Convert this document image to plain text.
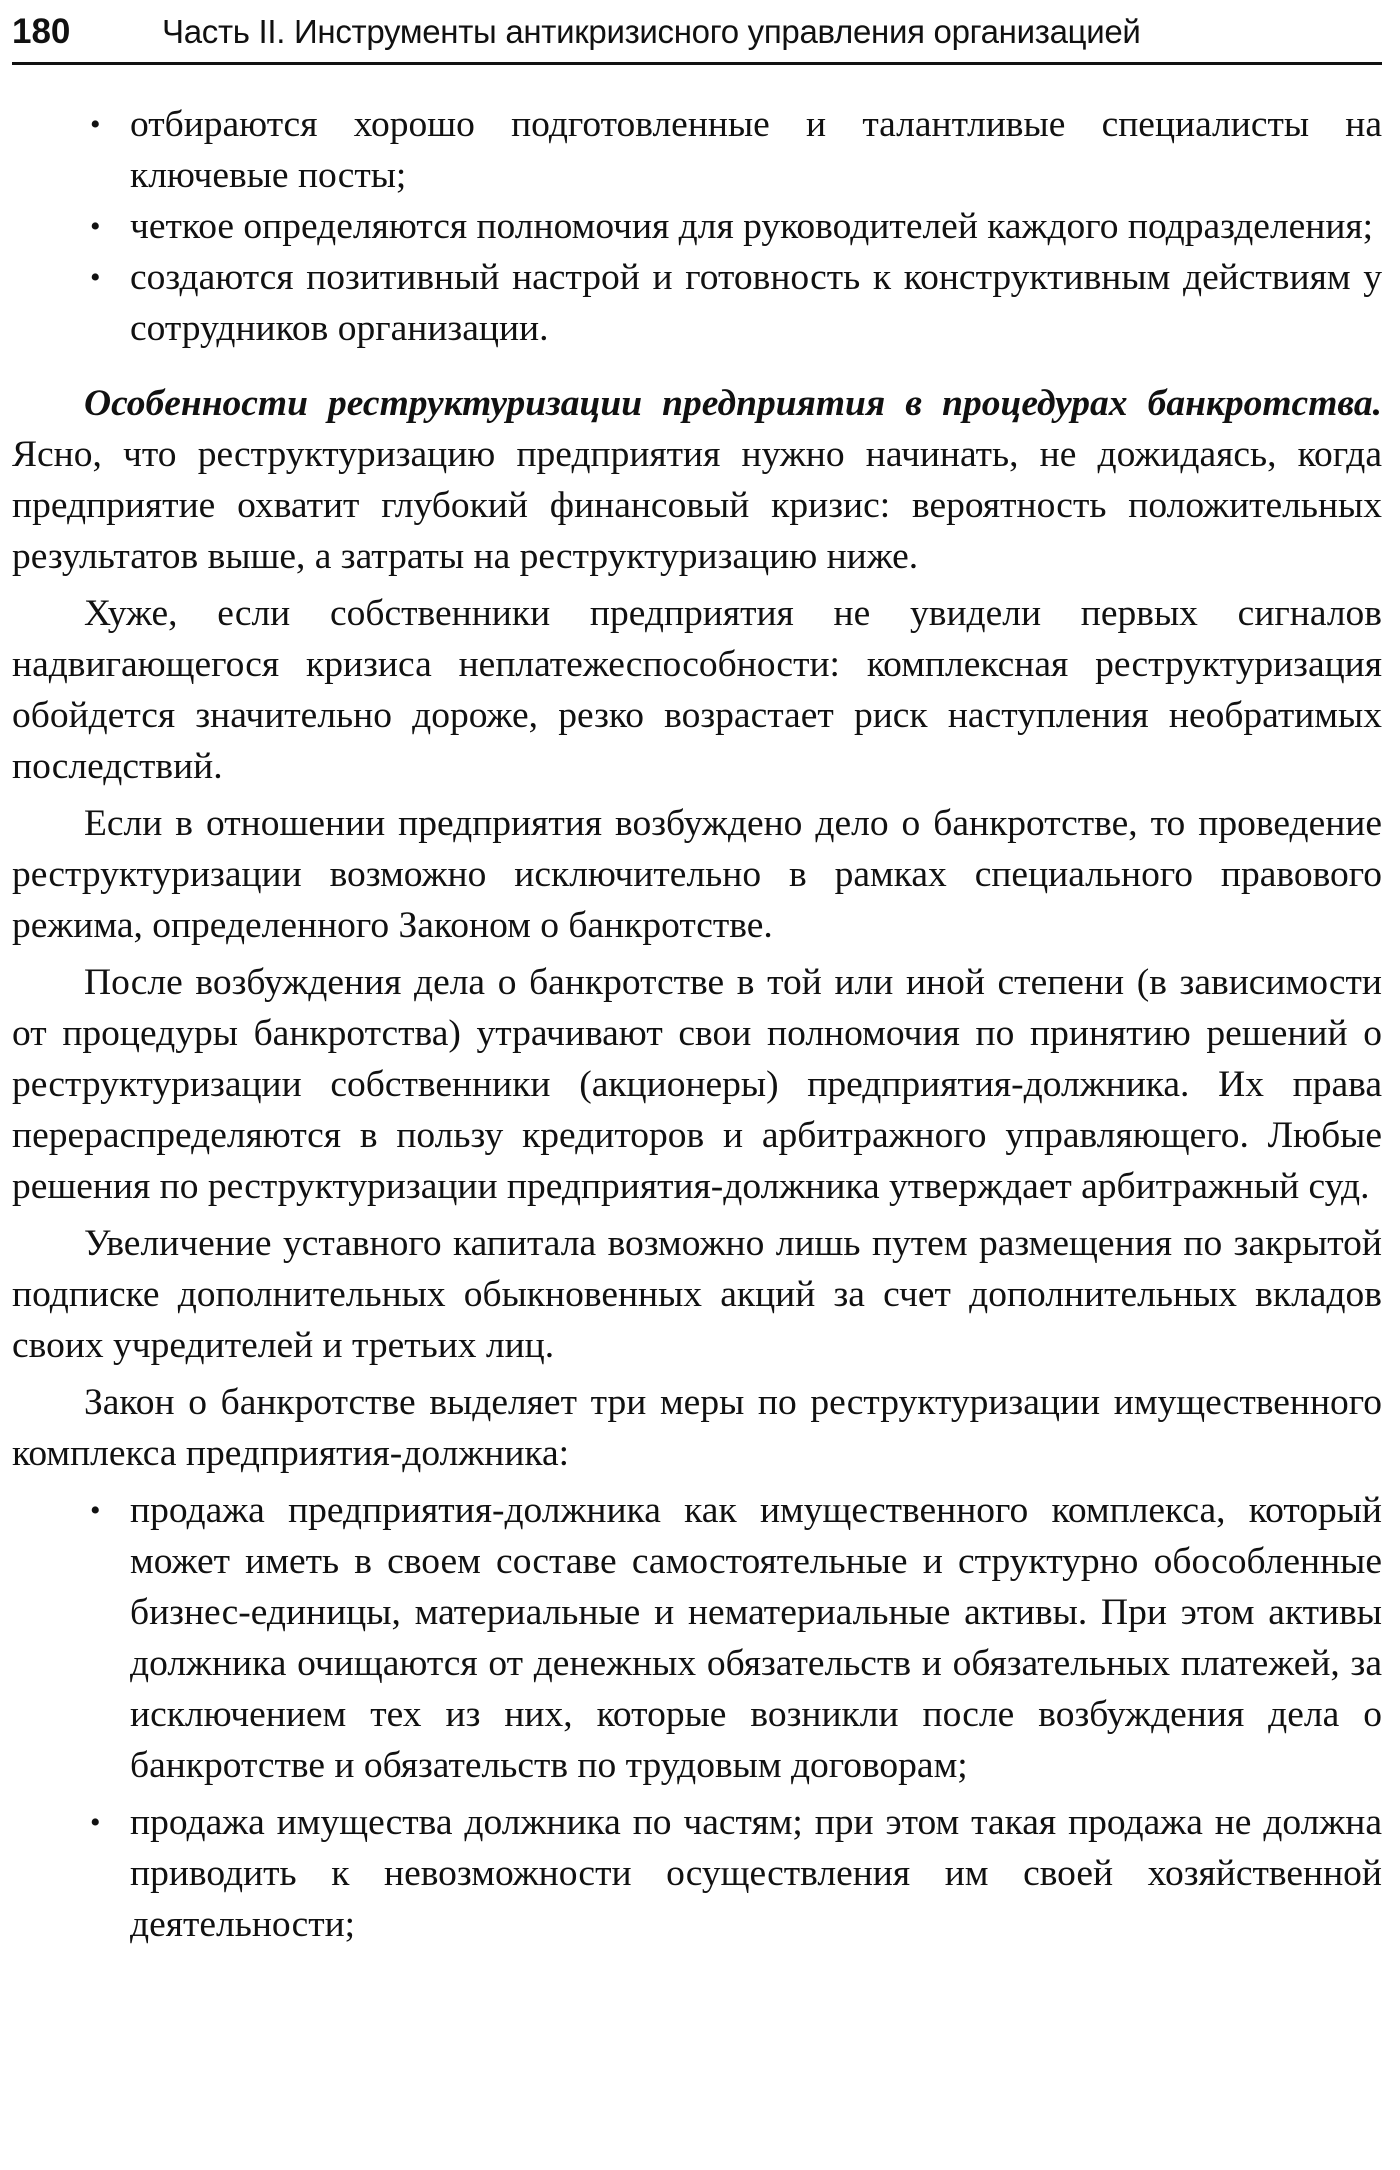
180	Часть II. Инструменты антикризисного управления организацией
• отбираются хорошо подготовленные и талантливые специалисты на ключевые посты;
• четкое определяются полномочия для руководителей каждого подразделения;
• создаются позитивный настрой и готовность к конструктивным действиям у сотрудников организации.

Особенности реструктуризации предприятия в процедурах банкротства. Ясно, что реструктуризацию предприятия нужно начинать, не дожидаясь, когда предприятие охватит глубокий финансовый кризис: вероятность положительных результатов выше, а затраты на реструктуризацию ниже.

Хуже, если собственники предприятия не увидели первых сигналов надвигающегося кризиса неплатежеспособности: комплексная реструктуризация обойдется значительно дороже, резко возрастает риск наступления необратимых последствий.

Если в отношении предприятия возбуждено дело о банкротстве, то проведение реструктуризации возможно исключительно в рамках специального правового режима, определенного Законом о банкротстве.

После возбуждения дела о банкротстве в той или иной степени (в зависимости от процедуры банкротства) утрачивают свои полномочия по принятию решений о реструктуризации собственники (акционеры) предприятия-должника. Их права перераспределяются в пользу кредиторов и арбитражного управляющего. Любые решения по реструктуризации предприятия-должника утверждает арбитражный суд.

Увеличение уставного капитала возможно лишь путем размещения по закрытой подписке дополнительных обыкновенных акций за счет дополнительных вкладов своих учредителей и третьих лиц.

Закон о банкротстве выделяет три меры по реструктуризации имущественного комплекса предприятия-должника:

• продажа предприятия-должника как имущественного комплекса, который может иметь в своем составе самостоятельные и структурно обособленные бизнес-единицы, материальные и нематериальные активы. При этом активы должника очищаются от денежных обязательств и обязательных платежей, за исключением тех из них, которые возникли после возбуждения дела о банкротстве и обязательств по трудовым договорам;
• продажа имущества должника по частям; при этом такая продажа не должна приводить к невозможности осуществления им своей хозяйственной деятельности;
